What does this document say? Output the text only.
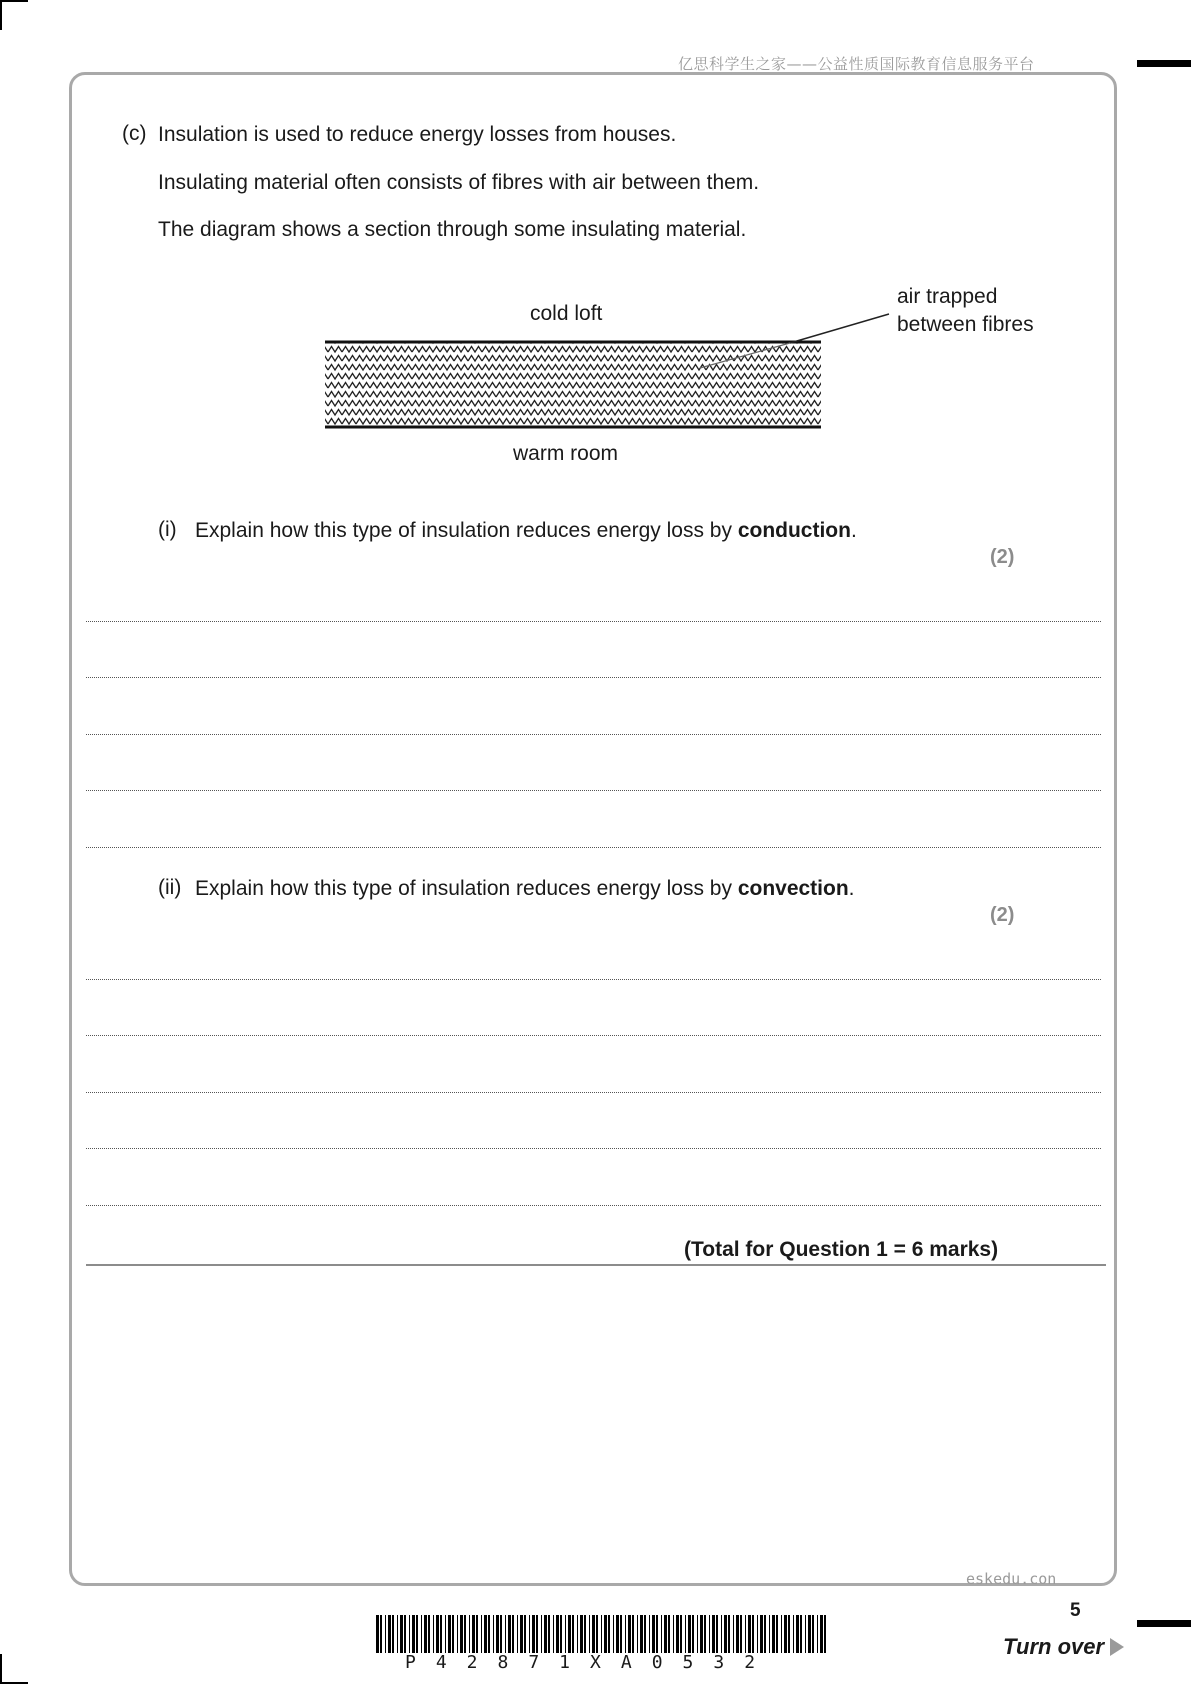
亿思科学生之家——公益性质国际教育信息服务平台
(c) Insulation is used to reduce energy losses from houses.
Insulating material often consists of fibres with air between them.
The diagram shows a section through some insulating material.
cold loft
air trapped
between fibres
warm room
(i) Explain how this type of insulation reduces energy loss by conduction.
(2)
(ii) Explain how this type of insulation reduces energy loss by convection.
(2)
(Total for Question 1 = 6 marks)
eskedu.con
5
Turn over
P42871XA0532
